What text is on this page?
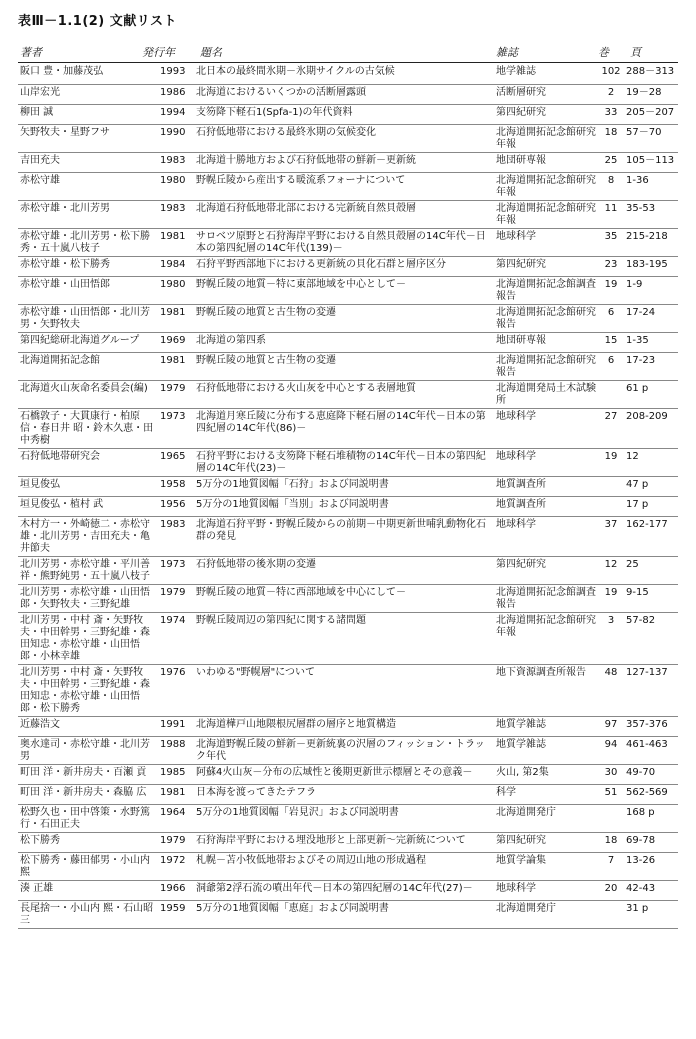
表Ⅲ－1.1(2) 文献リスト
著者	発行年 題名	雑誌	巻 頁
阪口 豊・加藤茂弘	1993	北日本の最終間氷期－氷期サイクルの古気候	地学雑誌	102	288－313
山岸宏光	1986	北海道におけるいくつかの活断層露頭	活断層研究	2	19－28
柳田 誠	1994	支笏降下軽石1(Spfa-1)の年代資料	第四紀研究	33	205－207
矢野牧夫・星野フサ	1990	石狩低地帯における最終氷期の気候変化	北海道開拓記念館研究年報	18	57－70
吉田充夫	1983	北海道十勝地方および石狩低地帯の鮮新－更新統	地団研専報	25	105－113
赤松守雄	1980	野幌丘陵から産出する暖流系フォーナについて	北海道開拓記念館研究年報	8	1-36
赤松守雄・北川芳男	1983	北海道石狩低地帯北部における完新統自然貝殻層	北海道開拓記念館研究年報	11	35-53
赤松守雄・北川芳男・松下勝秀・五十嵐八枝子	1981	サロベツ原野と石狩海岸平野における自然貝殻層の14C年代－日本の第四紀層の14C年代(139)－	地球科学	35	215-218
赤松守雄・松下勝秀	1984	石狩平野西部地下における更新統の貝化石群と層序区分	第四紀研究	23	183-195
赤松守雄・山田悟郎	1980	野幌丘陵の地質－特に東部地域を中心として－	北海道開拓記念館調査報告	19	1-9
赤松守雄・山田悟郎・北川芳男・矢野牧夫	1981	野幌丘陵の地質と古生物の変遷	北海道開拓記念館研究報告	6	17-24
第四紀総研北海道グループ	1969	北海道の第四系	地団研専報	15	1-35
北海道開拓記念館	1981	野幌丘陵の地質と古生物の変遷	北海道開拓記念館研究報告	6	17-23
北海道火山灰命名委員会(編)	1979	石狩低地帯における火山灰を中心とする表層地質	北海道開発局土木試験所		61 p
石橋敦子・大貫康行・柏原信・春日井 昭・鈴木久恵・田中秀樹	1973	北海道月寒丘陵に分布する恵庭降下軽石層の14C年代－日本の第四紀層の14C年代(86)－	地球科学	27	208-209
石狩低地帯研究会	1965	石狩平野における支笏降下軽石堆積物の14C年代－日本の第四紀層の14C年代(23)－	地球科学	19	12
垣見俊弘	1958	5万分の1地質図幅「石狩」および同説明書	地質調査所		47 p
垣見俊弘・植村 武	1956	5万分の1地質図幅「当別」および同説明書	地質調査所		17 p
木村方一・外崎徳二・赤松守雄・北川芳男・吉田充夫・亀井節夫	1983	北海道石狩平野・野幌丘陵からの前期－中期更新世哺乳動物化石群の発見	地球科学	37	162-177
北川芳男・赤松守雄・平川善祥・熊野純男・五十嵐八枝子	1973	石狩低地帯の後氷期の変遷	第四紀研究	12	25
北川芳男・赤松守雄・山田悟郎・矢野牧夫・三野紀雄	1979	野幌丘陵の地質－特に西部地域を中心にして－	北海道開拓記念館調査報告	19	9-15
北川芳男・中村 斎・矢野牧夫・中田幹男・三野紀雄・森田知忠・赤松守雄・山田悟郎・小林幸雄	1974	野幌丘陵周辺の第四紀に関する諸問題	北海道開拓記念館研究年報	3	57-82
北川芳男・中村 斎・矢野牧夫・中田幹男・三野紀雄・森田知忠・赤松守雄・山田悟郎・松下勝秀	1976	いわゆる"野幌層"について	地下資源調査所報告	48	127-137
近藤浩文	1991	北海道樺戸山地隈根尻層群の層序と地質構造	地質学雑誌	97	357-376
奥水達司・赤松守雄・北川芳男	1988	北海道野幌丘陵の鮮新－更新統裏の沢層のフィッション・トラック年代	地質学雑誌	94	461-463
町田 洋・新井房夫・百瀬 貢	1985	阿蘇4火山灰－分布の広域性と後期更新世示標層とその意義－	火山, 第2集	30	49-70
町田 洋・新井房夫・森脇 広	1981	日本海を渡ってきたテフラ	科学	51	562-569
松野久也・田中啓策・水野篤行・石田正夫	1964	5万分の1地質図幅「岩見沢」および同説明書	北海道開発庁		168 p
松下勝秀	1979	石狩海岸平野における埋没地形と上部更新～完新統について	第四紀研究	18	69-78
松下勝秀・藤田郁男・小山内 熙	1972	札幌－苫小牧低地帯およびその周辺山地の形成過程	地質学論集	7	13-26
湊 正雄	1966	洞爺第2浮石流の噴出年代－日本の第四紀層の14C年代(27)－	地球科学	20	42-43
長尾捨一・小山内 熙・石山昭三	1959	5万分の1地質図幅「恵庭」および同説明書	北海道開発庁		31 p
